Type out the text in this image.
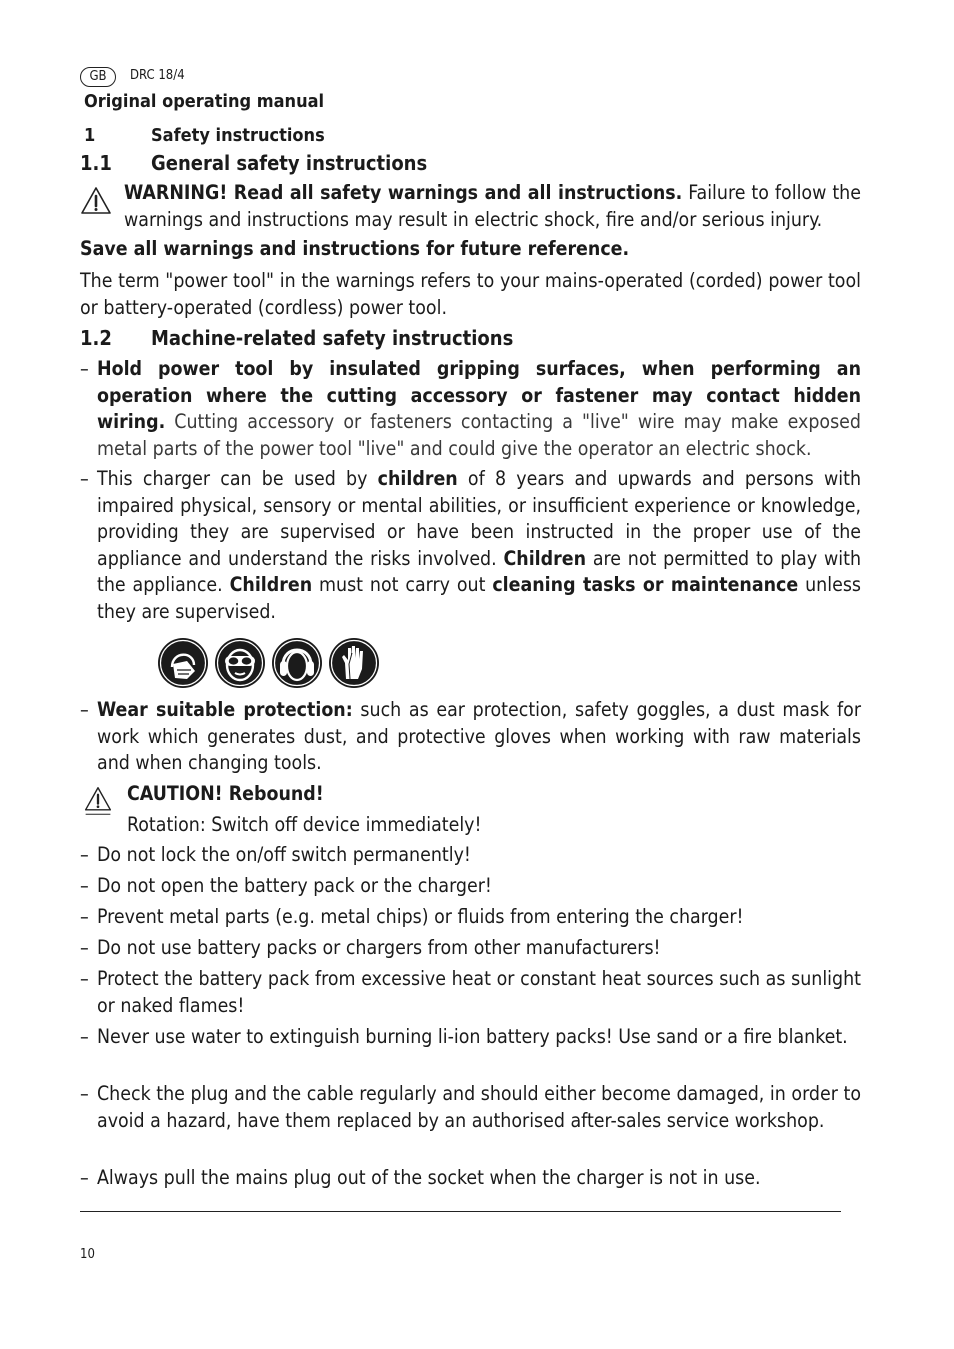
GB	DRC 18/4
Original operating manual
1	Safety instructions
1.1 General safety instructions
WARNING! Read all safety warnings and all instructions. Failure to follow the warnings and instructions may result in electric shock, fire and/or serious injury.
Save all warnings and instructions for future reference.
The term "power tool" in the warnings refers to your mains-operated (corded) power tool or battery-operated (cordless) power tool.
1.2 Machine-related safety instructions
– Hold power tool by insulated gripping surfaces, when performing an operation where the cutting accessory or fastener may contact hidden wiring. Cutting accessory or fasteners contacting a "live" wire may make exposed metal parts of the power tool "live" and could give the operator an electric shock.
– This charger can be used by children of 8 years and upwards and persons with impaired physical, sensory or mental abilities, or insufficient experience or knowledge, providing they are supervised or have been instructed in the proper use of the appliance and understand the risks involved. Children are not permitted to play with the appliance. Children must not carry out cleaning tasks or maintenance unless they are supervised.
– Wear suitable protection: such as ear protection, safety goggles, a dust mask for work which generates dust, and protective gloves when working with raw materials and when changing tools.
CAUTION! Rebound!
Rotation: Switch off device immediately!
– Do not lock the on/off switch permanently!
– Do not open the battery pack or the charger!
– Prevent metal parts (e.g. metal chips) or fluids from entering the charger!
– Do not use battery packs or chargers from other manufacturers!
– Protect the battery pack from excessive heat or constant heat sources such as sunlight or naked flames!
– Never use water to extinguish burning li-ion battery packs! Use sand or a fire blanket.
– Check the plug and the cable regularly and should either become damaged, in order to avoid a hazard, have them replaced by an authorised after-sales service workshop.
– Always pull the mains plug out of the socket when the charger is not in use.
10
